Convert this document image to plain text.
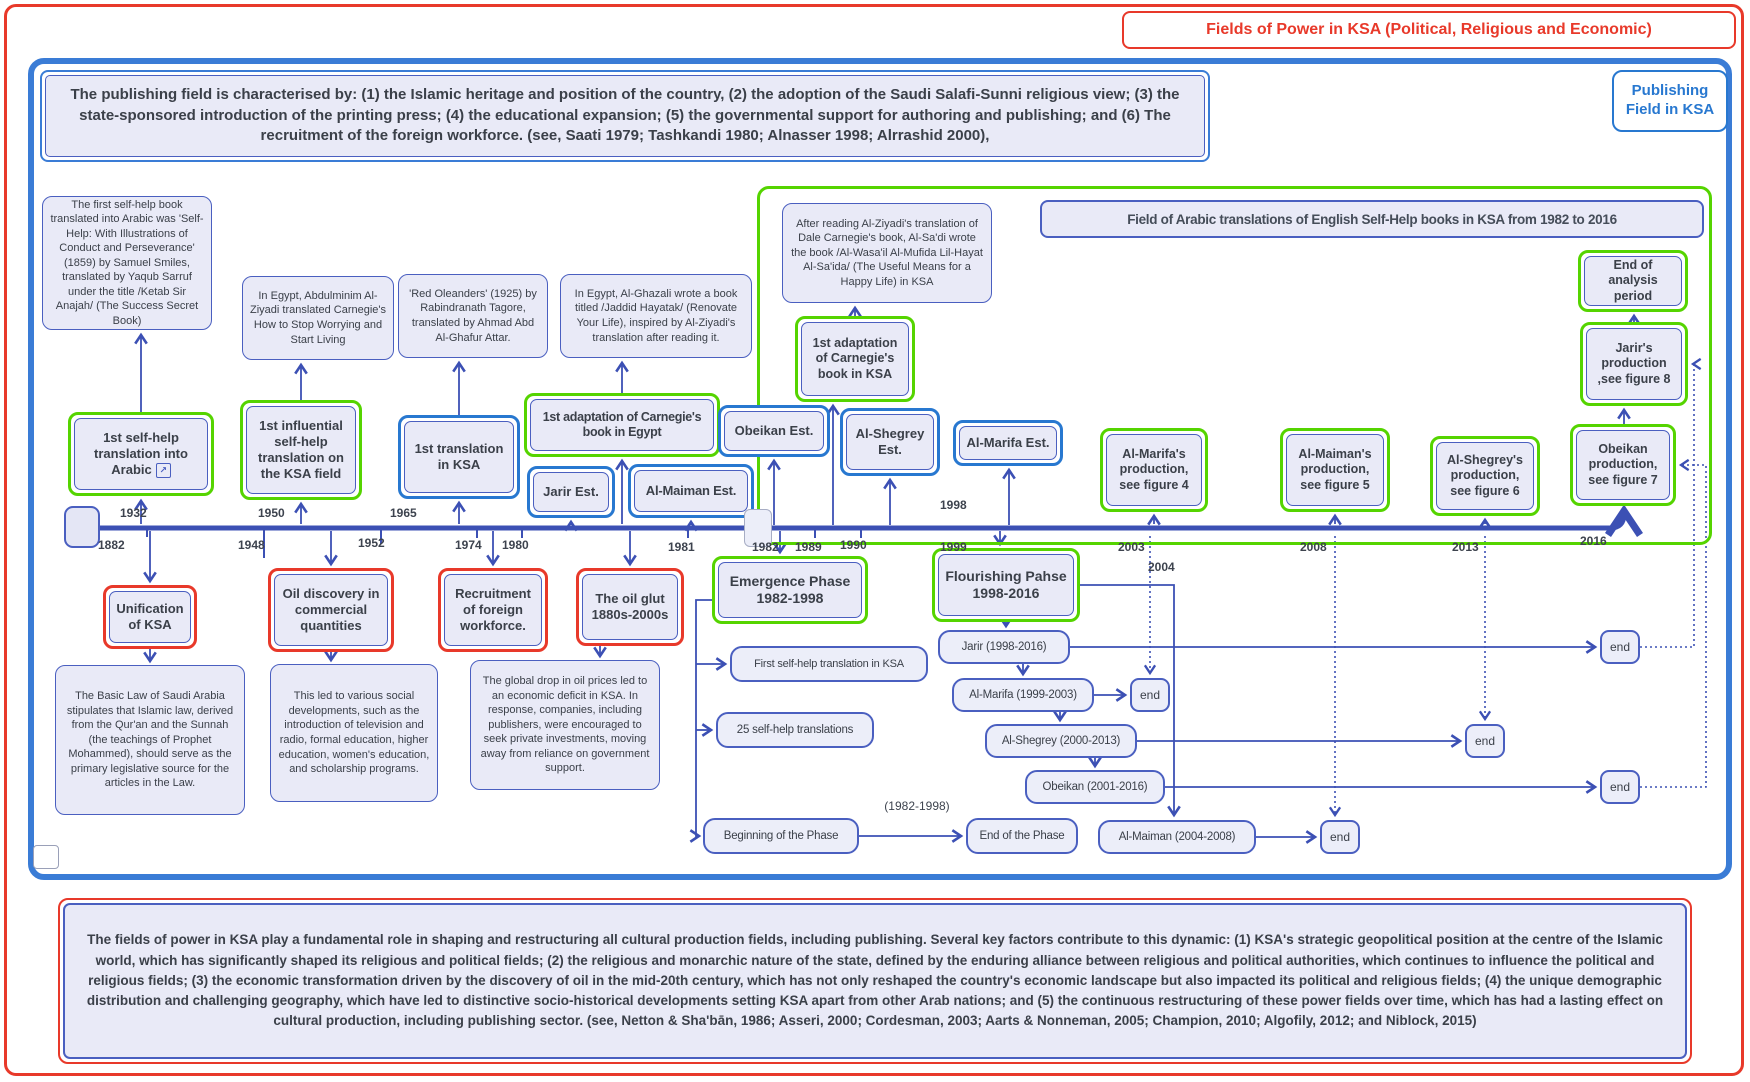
Fields of Power in KSA (Political, Religious and Economic)
Publishing Field in KSA
The publishing field is characterised by: (1) the Islamic heritage and position of the country, (2) the adoption of the Saudi Salafi-Sunni religious view; (3) the state-sponsored introduction of the printing press; (4) the educational expansion; (5) the governmental support for authoring and publishing; and (6) The recruitment of the foreign workforce. (see, Saati 1979; Tashkandi 1980; Alnasser 1998; Alrrashid 2000),
Field of Arabic translations of English Self-Help books in KSA from 1982 to 2016
The first self-help book translated into Arabic was 'Self-Help: With Illustrations of Conduct and Perseverance' (1859) by Samuel Smiles, translated by Yaqub Sarruf under the title /Ketab Sir Anajah/ (The Success Secret Book)
In Egypt, Abdulminim Al-Ziyadi translated Carnegie's How to Stop Worrying and Start Living
'Red Oleanders' (1925) by Rabindranath Tagore, translated by Ahmad Abd Al-Ghafur Attar.
In Egypt, Al-Ghazali wrote a book titled /Jaddid Hayatak/ (Renovate Your Life), inspired by Al-Ziyadi's translation after reading it.
After reading Al-Ziyadi's translation of Dale Carnegie's book, Al-Sa'di wrote the book /Al-Wasa'il Al-Mufida Lil-Hayat Al-Sa'ida/ (The Useful Means for a Happy Life) in KSA
1st self-help translation into Arabic ↗
1st influential self-help translation on the KSA field
1st translation in KSA
1st adaptation of Carnegie's book in Egypt
Jarir Est.	Al-Maiman Est.
Obeikan Est.	Al-Shegrey Est.	Al-Marifa Est.
1st adaptation of Carnegie's book in KSA
Al-Marifa's production, see figure 4
Al-Maiman's production, see figure 5
Al-Shegrey's production, see figure 6
Obeikan production, see figure 7
Jarir's production ,see figure 8
End of analysis period
Unification of KSA
Oil discovery in commercial quantities
Recruitment of foreign workforce.
The oil glut 1880s-2000s
The Basic Law of Saudi Arabia stipulates that Islamic law, derived from the Qur'an and the Sunnah (the teachings of Prophet Mohammed), should serve as the primary legislative source for the articles in the Law.
This led to various social developments, such as the introduction of television and radio, formal education, higher education, women's education, and scholarship programs.
The global drop in oil prices led to an economic deficit in KSA. In response, companies, including publishers, were encouraged to seek private investments, moving away from reliance on government support.
Emergence Phase 1982-1998
Flourishing Pahse 1998-2016
First self-help translation in KSA
25 self-help translations
Beginning of the Phase
(1982-1998)
End of the Phase
Jarir (1998-2016)
Al-Marifa (1999-2003)
Al-Shegrey (2000-2013)
Obeikan (2001-2016)
Al-Maiman (2004-2008)
end
end
end
end
end
1932
1882	1948
1950
1952
1965
1974 1980	1981	1982 1989 1990
1998
1999	2003
2004
2008	2013	2016
The fields of power in KSA play a fundamental role in shaping and restructuring all cultural production fields, including publishing. Several key factors contribute to this dynamic: (1) KSA's strategic geopolitical position at the centre of the Islamic world, which has significantly shaped its religious and political fields; (2) the religious and monarchic nature of the state, defined by the enduring alliance between religious and political authorities, which continues to influence the political and religious fields; (3) the economic transformation driven by the discovery of oil in the mid-20th century, which has not only reshaped the country's economic landscape but also impacted its political and religious fields; (4) the unique demographic distribution and challenging geography, which have led to distinctive socio-historical developments setting KSA apart from other Arab nations; and (5) the continuous restructuring of these power fields over time, which has had a lasting effect on cultural production, including publishing sector. (see, Netton & Sha'bān, 1986; Asseri, 2000; Cordesman, 2003; Aarts & Nonneman, 2005; Champion, 2010; Algofily, 2012; and Niblock, 2015)
